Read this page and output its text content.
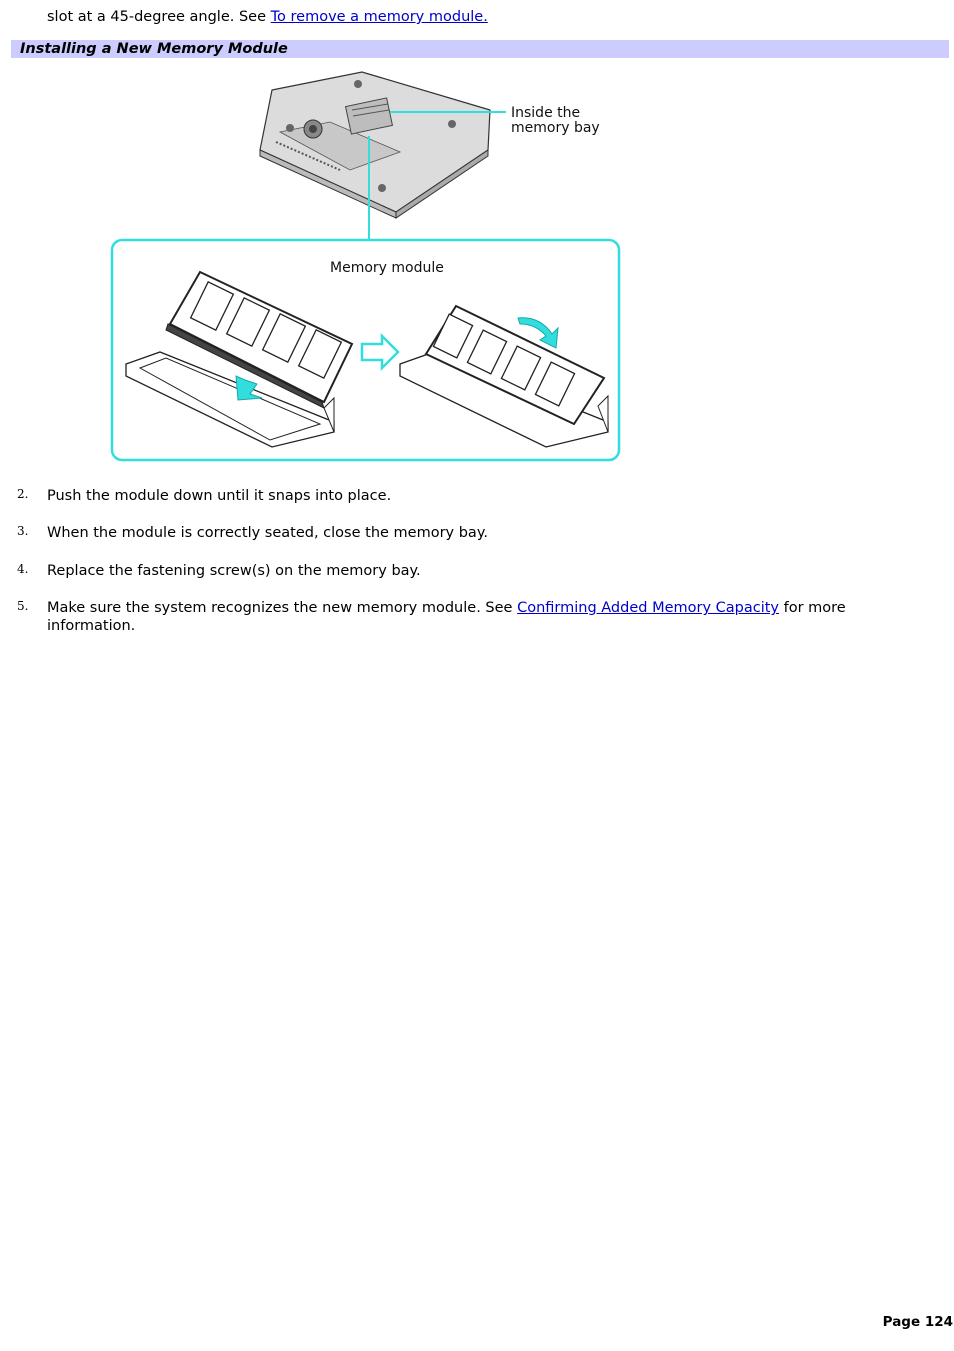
slot at a 45-degree angle. See To remove a memory module.
Installing a New Memory Module
Inside the
memory bay
Memory module
2. Push the module down until it snaps into place.
3. When the module is correctly seated, close the memory bay.
4. Replace the fastening screw(s) on the memory bay.
5. Make sure the system recognizes the new memory module. See Confirming Added Memory Capacity for more information.
Page 124
